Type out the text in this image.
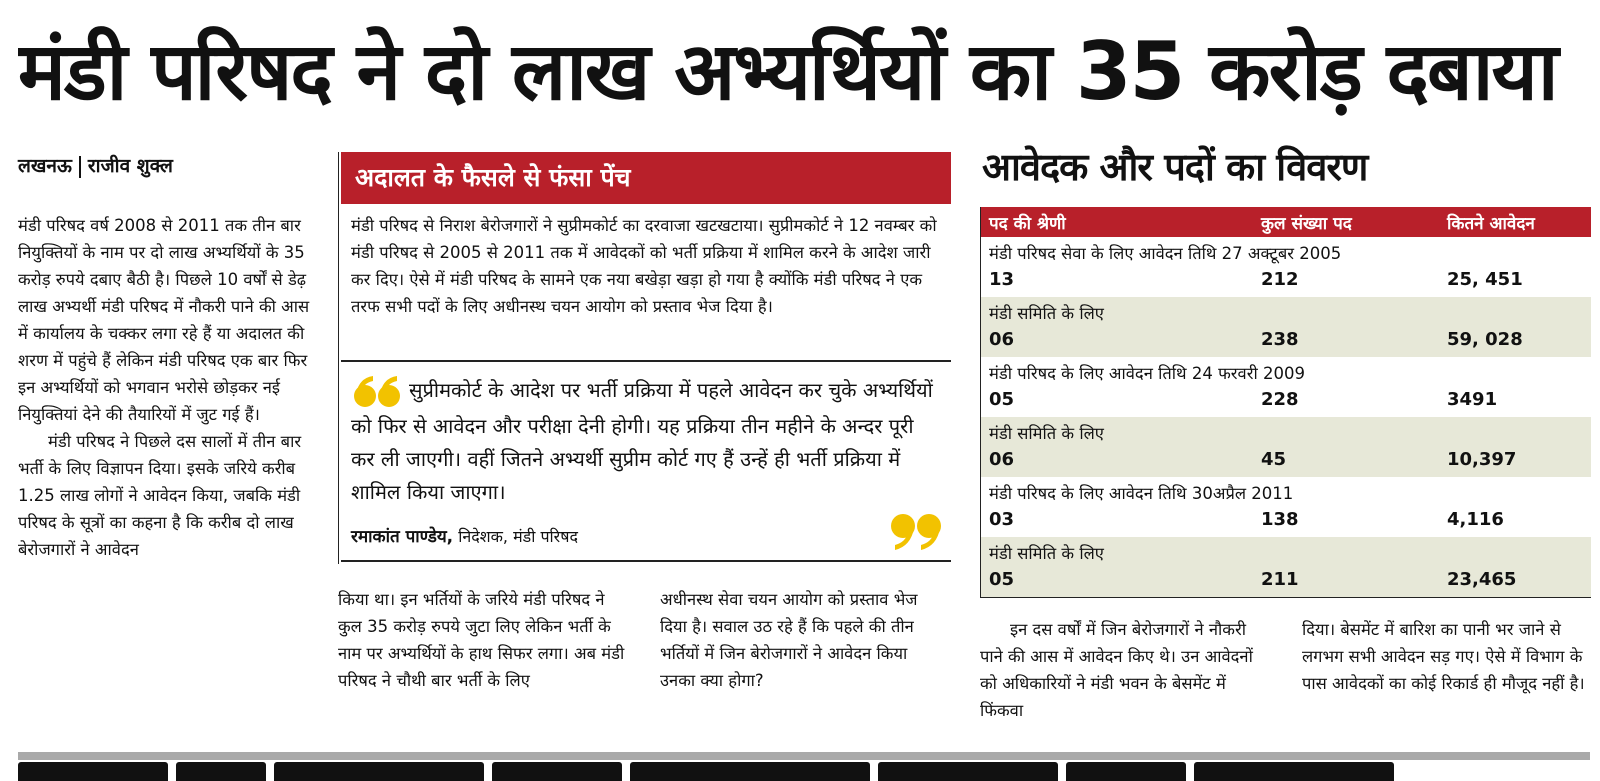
मंडी परिषद ने दो लाख अभ्यर्थियों का 35 करोड़ दबाया
लखनऊ राजीव शुक्ल

मंडी परिषद वर्ष 2008 से 2011 तक तीन बार नियुक्तियों के नाम पर दो लाख अभ्यर्थियों के 35 करोड़ रुपये दबाए बैठी है। पिछले 10 वर्षों से डेढ़ लाख अभ्यर्थी मंडी परिषद में नौकरी पाने की आस में कार्यालय के चक्कर लगा रहे हैं या अदालत की शरण में पहुंचे हैं लेकिन मंडी परिषद एक बार फिर इन अभ्यर्थियों को भगवान भरोसे छोड़कर नई नियुक्तियां देने की तैयारियों में जुट गई हैं।

मंडी परिषद ने पिछले दस सालों में तीन बार भर्ती के लिए विज्ञापन दिया। इसके जरिये करीब 1.25 लाख लोगों ने आवेदन किया, जबकि मंडी परिषद के सूत्रों का कहना है कि करीब दो लाख बेरोजगारों ने आवेदन

अदालत के फैसले से फंसा पेंच
मंडी परिषद से निराश बेरोजगारों ने सुप्रीमकोर्ट का दरवाजा खटखटाया। सुप्रीमकोर्ट ने 12 नवम्बर को मंडी परिषद से 2005 से 2011 तक में आवेदकों को भर्ती प्रक्रिया में शामिल करने के आदेश जारी कर दिए। ऐसे में मंडी परिषद के सामने एक नया बखेड़ा खड़ा हो गया है क्योंकि मंडी परिषद ने एक तरफ सभी पदों के लिए अधीनस्थ चयन आयोग को प्रस्ताव भेज दिया है।
सुप्रीमकोर्ट के आदेश पर भर्ती प्रक्रिया में पहले आवेदन कर चुके अभ्यर्थियों को फिर से आवेदन और परीक्षा देनी होगी। यह प्रक्रिया तीन महीने के अन्दर पूरी कर ली जाएगी। वहीं जितने अभ्यर्थी सुप्रीम कोर्ट गए हैं उन्हें ही भर्ती प्रक्रिया में शामिल किया जाएगा।
रमाकांत पाण्डेय, निदेशक, मंडी परिषद

किया था। इन भर्तियों के जरिये मंडी परिषद ने कुल 35 करोड़ रुपये जुटा लिए लेकिन भर्ती के नाम पर अभ्यर्थियों के हाथ सिफर लगा। अब मंडी परिषद ने चौथी बार भर्ती के लिए

अधीनस्थ सेवा चयन आयोग को प्रस्ताव भेज दिया है। सवाल उठ रहे हैं कि पहले की तीन भर्तियों में जिन बेरोजगारों ने आवेदन किया उनका क्या होगा?

आवेदक और पदों का विवरण
पद की श्रेणी	कुल संख्या पद	कितने आवेदन
मंडी परिषद सेवा के लिए आवेदन तिथि 27 अक्टूबर 2005
13	212	25, 451
मंडी समिति के लिए
06	238	59, 028
मंडी परिषद के लिए आवेदन तिथि 24 फरवरी 2009
05	228	3491
मंडी समिति के लिए
06	45	10,397
मंडी परिषद के लिए आवेदन तिथि 30अप्रैल 2011
03	138	4,116
मंडी समिति के लिए
05	211	23,465

इन दस वर्षों में जिन बेरोजगारों ने नौकरी पाने की आस में आवेदन किए थे। उन आवेदनों को अधिकारियों ने मंडी भवन के बेसमेंट में फिंकवा

दिया। बेसमेंट में बारिश का पानी भर जाने से लगभग सभी आवेदन सड़ गए। ऐसे में विभाग के पास आवेदकों का कोई रिकार्ड ही मौजूद नहीं है।
